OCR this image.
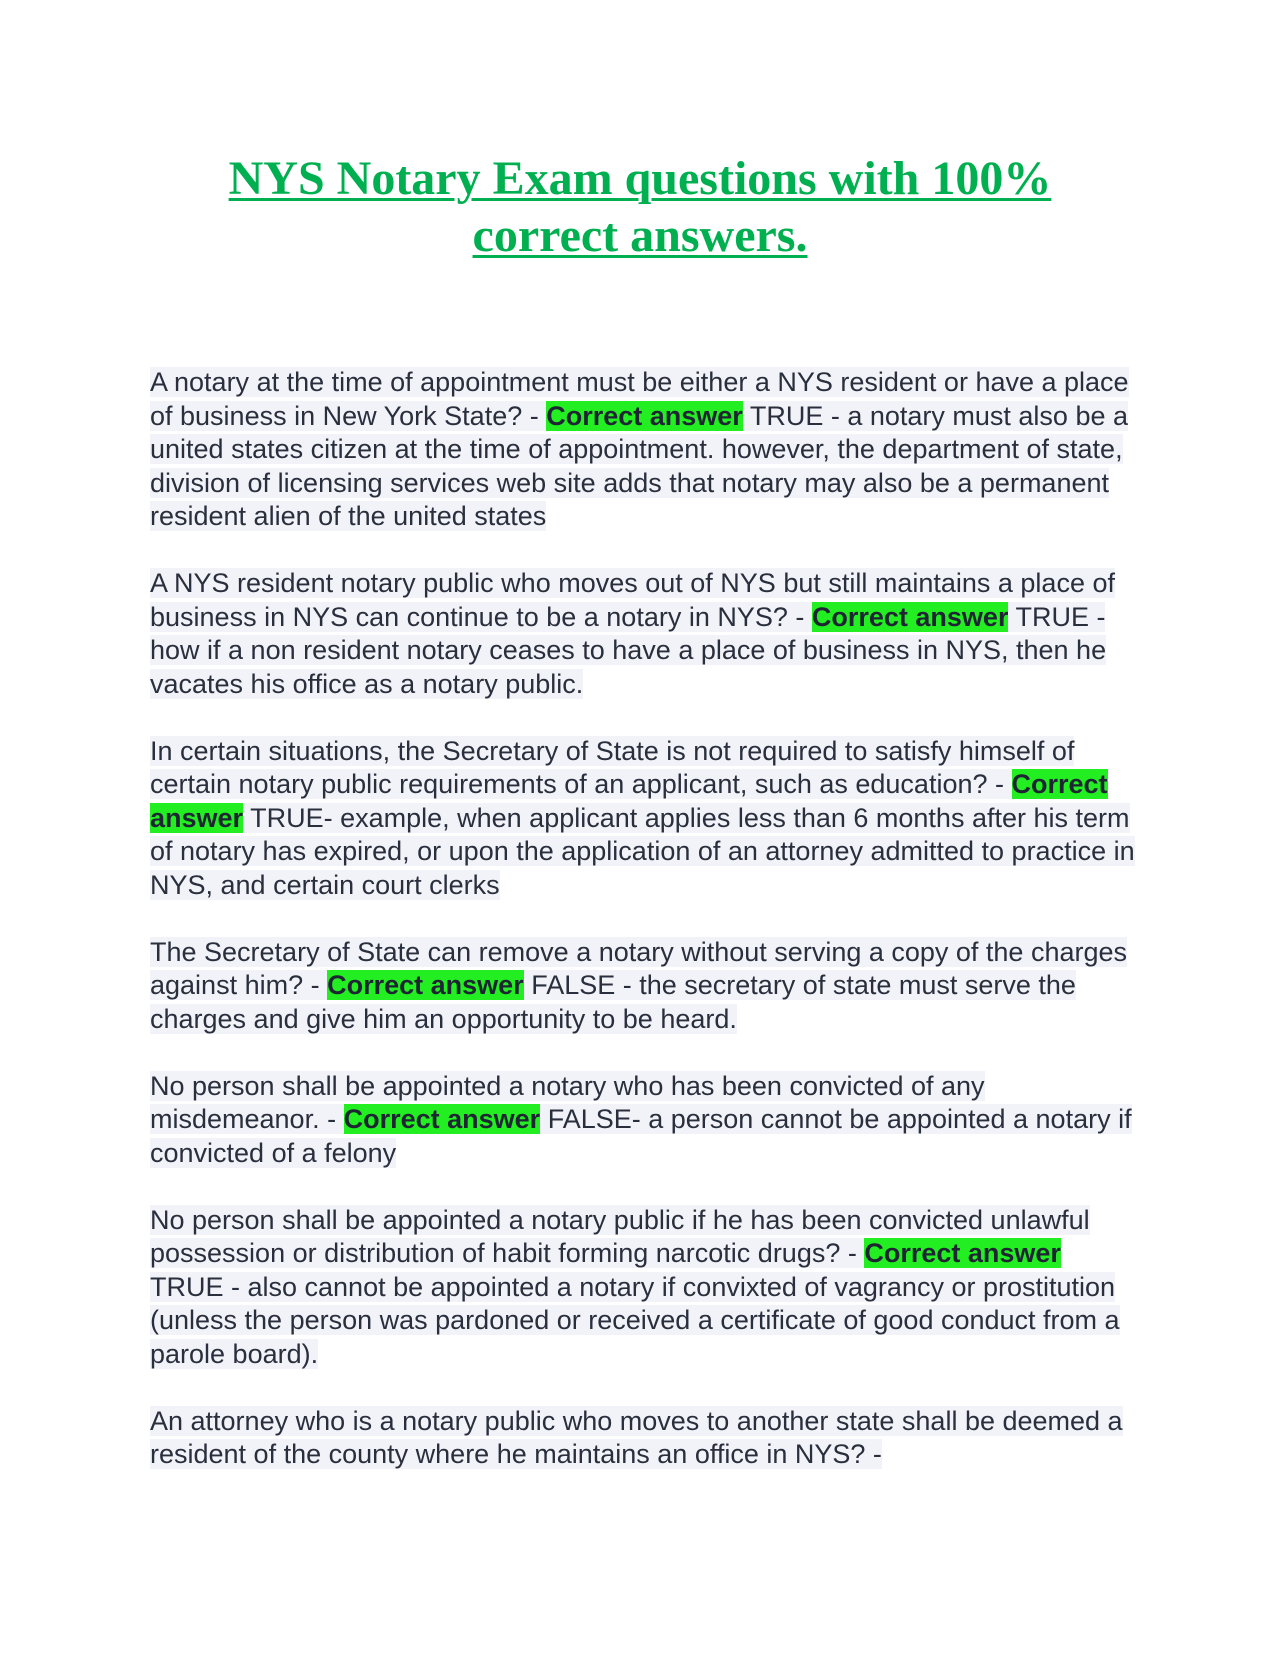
NYS Notary Exam questions with 100% correct answers.

A notary at the time of appointment must be either a NYS resident or have a place of business in New York State? - Correct answer TRUE - a notary must also be a united states citizen at the time of appointment. however, the department of state, division of licensing services web site adds that notary may also be a permanent resident alien of the united states

A NYS resident notary public who moves out of NYS but still maintains a place of business in NYS can continue to be a notary in NYS? - Correct answer TRUE - how if a non resident notary ceases to have a place of business in NYS, then he vacates his office as a notary public.

In certain situations, the Secretary of State is not required to satisfy himself of certain notary public requirements of an applicant, such as education? - Correct answer TRUE- example, when applicant applies less than 6 months after his term of notary has expired, or upon the application of an attorney admitted to practice in NYS, and certain court clerks

The Secretary of State can remove a notary without serving a copy of the charges against him? - Correct answer FALSE - the secretary of state must serve the charges and give him an opportunity to be heard.

No person shall be appointed a notary who has been convicted of any misdemeanor. - Correct answer FALSE- a person cannot be appointed a notary if convicted of a felony

No person shall be appointed a notary public if he has been convicted unlawful possession or distribution of habit forming narcotic drugs? - Correct answer TRUE - also cannot be appointed a notary if convixted of vagrancy or prostitution (unless the person was pardoned or received a certificate of good conduct from a parole board).

An attorney who is a notary public who moves to another state shall be deemed a resident of the county where he maintains an office in NYS? -
